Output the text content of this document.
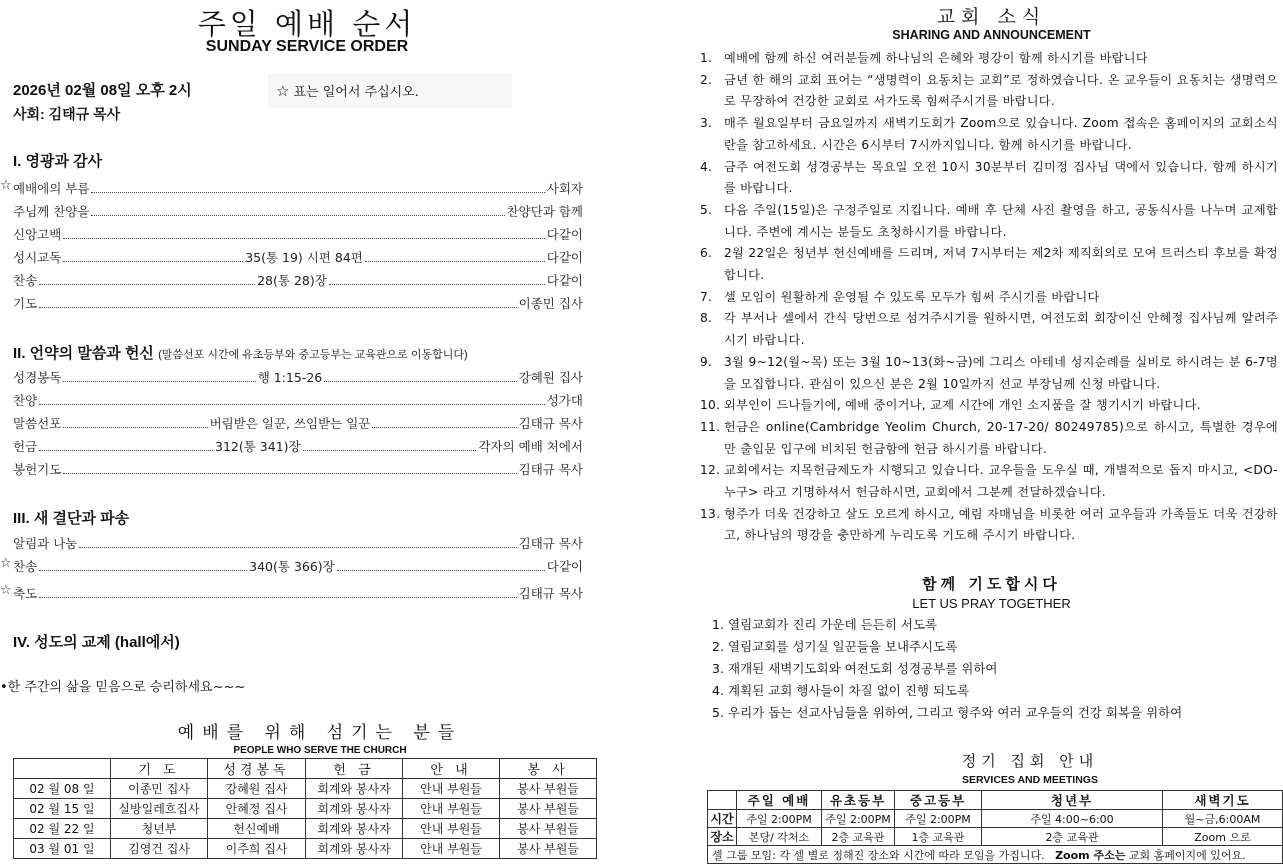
주일 예배 순서
SUNDAY SERVICE ORDER
2026년 02월 08일 오후 2시
사회: 김태규 목사
☆ 표는 일어서 주십시오.
I. 영광과 감사
☆ 예배에의 부름	사회자
주님께 찬양을	찬양단과 함께
신앙고백	다같이
성시교독	35(통 19) 시편 84편	다같이
찬송	28(통 28)장	다같이
기도	이종민 집사
II. 언약의 말씀과 헌신 (말씀선포 시간에 유초등부와 중고등부는 교육관으로 이동합니다)
성경봉독	행 1:15-26	강혜원 집사
찬양	성가대
말씀선포	버림받은 일꾼, 쓰임받는 일꾼	김태규 목사
헌금	312(통 341)장	각자의 예배 처에서
봉헌기도	김태규 목사
III. 새 결단과 파송
알림과 나눔	김태규 목사
☆ 찬송	340(통 366)장	다같이
☆ 축도	김태규 목사
IV. 성도의 교제 (hall에서)
•한 주간의 삶을 믿음으로 승리하세요~~~
예배를 위해 섬기는 분들
PEOPLE WHO SERVE THE CHURCH
	기 도	성경봉독	헌 금	안 내	봉 사
02 월 08 일	이종민 집사	강혜원 집사	회계와 봉사자	안내 부원들	봉사 부원들
02 월 15 일	실방일레흐집사	안혜정 집사	회계와 봉사자	안내 부원들	봉사 부원들
02 월 22 일	청년부	헌신예배	회계와 봉사자	안내 부원들	봉사 부원들
03 월 01 일	김영건 집사	이주희 집사	회계와 봉사자	안내 부원들	봉사 부원들
교회 소식
SHARING AND ANNOUNCEMENT
1. 예배에 함께 하신 여러분들께 하나님의 은혜와 평강이 함께 하시기를 바랍니다
2. 금년 한 해의 교회 표어는 “생명력이 요동치는 교회”로 정하였습니다. 온 교우들이 요동치는 생명력으로 무장하여 건강한 교회로 서가도록 힘써주시기를 바랍니다.
3. 매주 월요일부터 금요일까지 새벽기도회가 Zoom으로 있습니다. Zoom 접속은 홈페이지의 교회소식란을 참고하세요. 시간은 6시부터 7시까지입니다. 함께 하시기를 바랍니다.
4. 금주 여전도회 성경공부는 목요일 오전 10시 30분부터 김미정 집사님 댁에서 있습니다. 함께 하시기를 바랍니다.
5. 다음 주일(15일)은 구정주일로 지킵니다. 예배 후 단체 사진 촬영을 하고, 공동식사를 나누며 교제합니다. 주변에 계시는 분들도 초청하시기를 바랍니다.
6. 2월 22일은 청년부 헌신예배를 드리며, 저녁 7시부터는 제2차 제직회의로 모여 트러스티 후보를 확정합니다.
7. 셀 모임이 원활하게 운영될 수 있도록 모두가 힘써 주시기를 바랍니다
8. 각 부서나 셀에서 간식 당번으로 섬겨주시기를 원하시면, 여전도회 회장이신 안혜정 집사님께 알려주시기 바랍니다.
9. 3월 9~12(월~목) 또는 3월 10~13(화~금)에 그리스 아테네 성지순례를 실비로 하시려는 분 6-7명을 모집합니다. 관심이 있으신 분은 2월 10일까지 선교 부장님께 신청 바랍니다.
10. 외부인이 드나들기에, 예배 중이거나, 교제 시간에 개인 소지품을 잘 챙기시기 바랍니다.
11. 헌금은 online(Cambridge Yeolim Church, 20-17-20/ 80249785)으로 하시고, 특별한 경우에만 출입문 입구에 비치된 헌금함에 헌금 하시기를 바랍니다.
12. 교회에서는 지목헌금제도가 시행되고 있습니다. 교우들을 도우실 때, 개별적으로 돕지 마시고, <DO-누구> 라고 기명하셔서 헌금하시면, 교회에서 그분께 전달하겠습니다.
13. 형주가 더욱 건강하고 살도 오르게 하시고, 예림 자매님을 비롯한 여러 교우들과 가족들도 더욱 건강하고, 하나님의 평강을 충만하게 누리도록 기도해 주시기 바랍니다.
함께 기도합시다
LET US PRAY TOGETHER
1. 열림교회가 진리 가운데 든든히 서도록
2. 열림교회를 성기실 일꾼들을 보내주시도록
3. 재개된 새벽기도회와 여전도회 성경공부를 위하여
4. 계획된 교회 행사들이 차질 없이 진행 되도록
5. 우리가 돕는 선교사님들을 위하여, 그리고 형주와 여러 교우들의 건강 회복을 위하여
정기 집회 안내
SERVICES AND MEETINGS
	주일 예배	유초등부	중고등부	청년부	새벽기도
시간	주일 2:00PM	주일 2:00PM	주일 2:00PM	주일 4:00~6:00	월~금,6:00AM
장소	본당/ 각처소	2층 교육관	1층 교육관	2층 교육관	Zoom 으로
셀 그룹 모임: 각 셀 별로 정해진 장소와 시간에 따라 모임을 가집니다. Zoom 주소는 교회 홈페이지에 있어요.					
